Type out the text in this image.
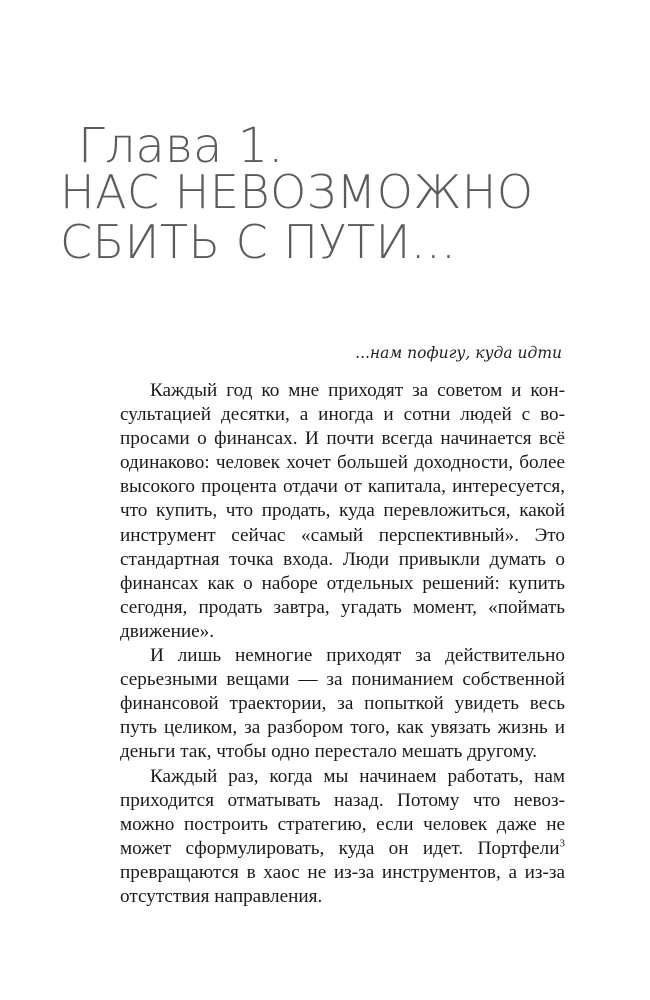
Глава 1.
НАС НЕВОЗМОЖНО
СБИТЬ С ПУТИ...
...нам пофигу, куда идти

Каждый год ко мне приходят за советом и консультацией десятки, а иногда и сотни людей с вопросами о финансах. И почти всегда начинается всё одинаково: человек хочет большей доходности, более высокого процента отдачи от капитала, интересуется, что купить, что продать, куда перевложиться, какой инструмент сейчас «самый перспективный». Это стандартная точка входа. Люди привыкли думать о финансах как о наборе отдельных решений: купить сегодня, продать завтра, угадать момент, «поймать движение».

И лишь немногие приходят за действительно серьезными вещами — за пониманием собственной финансовой траектории, за попыткой увидеть весь путь целиком, за разбором того, как увязать жизнь и деньги так, чтобы одно перестало мешать другому.

Каждый раз, когда мы начинаем работать, нам приходится отматывать назад. Потому что невозможно построить стратегию, если человек даже не может сформулировать, куда он идет. Портфели$^3$ превращаются в хаос не из-за инструментов, а из-за отсутствия направления.
